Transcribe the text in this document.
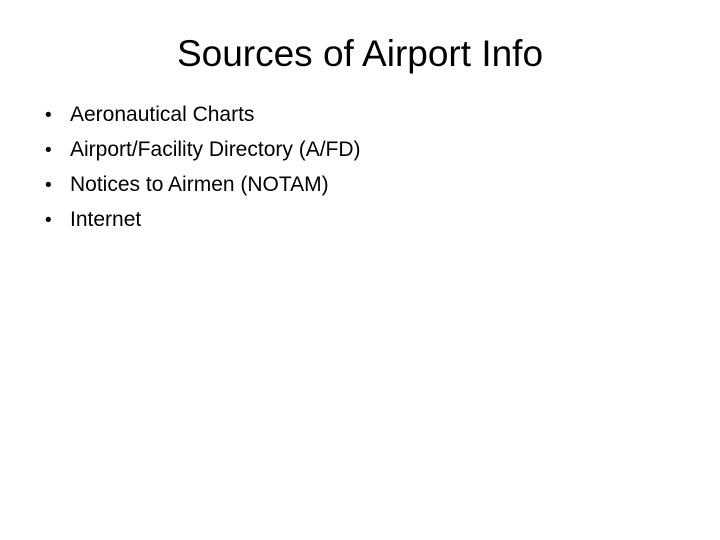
Sources of Airport Info
• Aeronautical Charts
• Airport/Facility Directory (A/FD)
• Notices to Airmen (NOTAM)
• Internet
